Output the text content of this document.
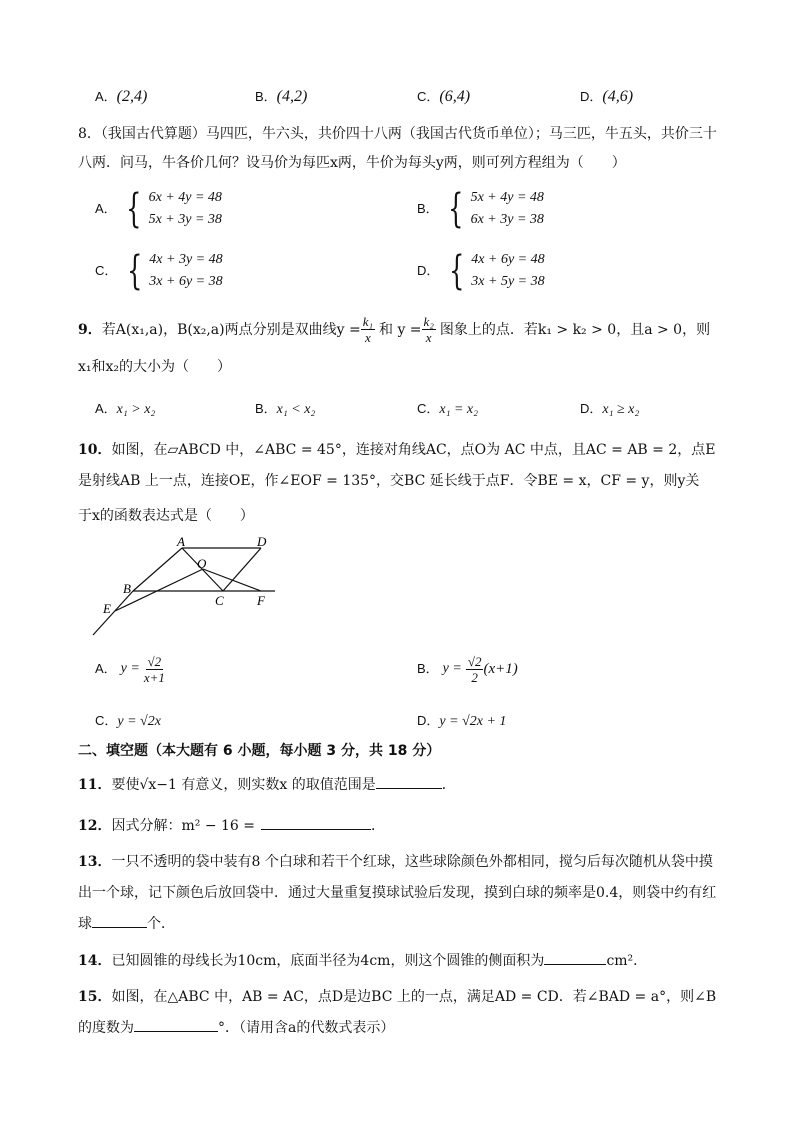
A．(2,4)	B．(4,2)	C．(6,4)	D．(4,6)
8．（我国古代算题）马四匹，牛六头，共价四十八两（我国古代货币单位）；马三匹，牛五头，共价三十
八两．问马，牛各价几何？设马价为每匹x两，牛价为每头y两，则可列方程组为（　　）
A． { 6x + 4y = 48
5x + 3y = 38
B． { 5x + 4y = 48
6x + 3y = 38
C． { 4x + 3y = 48
3x + 6y = 38
D． { 4x + 6y = 48
3x + 5y = 38
9． 若A(x₁,a)，B(x₂,a)两点分别是双曲线$y = \frac{\text{k₁}}{x}$ 和 $y = \frac{\text{k₂}}{x}$ 图象上的点．若k₁ > k₂ > 0，且a > 0，则
x₁和x₂的大小为（　　）
A．x₁ > x₂	B．x₁ < x₂	C．x₁ = x₂	D．x₁ ≥ x₂
10．如图，在▱ABCD 中，∠ABC = 45°，连接对角线AC，点O为 AC 中点，且AC = AB = 2，点E
是射线AB 上一点，连接OE，作∠EOF = 135°，交BC 延长线于点F．令BE = x，CF = y，则y关
于x的函数表达式是（　　）
A	D
O
B
C	F
E
A． $y = \frac{√2}{x+1}$	B． $y = \frac{√2}{2} (x+1)$
C．y = √2x	D．y = √2x + 1
二、填空题（本大题有 6 小题，每小题 3 分，共 18 分）
11．要使√x−1 有意义，则实数x 的取值范围是	．
12．因式分解：m² − 16 =	．
13．一只不透明的袋中装有8 个白球和若干个红球，这些球除颜色外都相同，搅匀后每次随机从袋中摸
出一个球，记下颜色后放回袋中．通过大量重复摸球试验后发现，摸到白球的频率是0.4，则袋中约有红
球	个．
14．已知圆锥的母线长为10cm，底面半径为4cm，则这个圆锥的侧面积为	cm²．
15．如图，在△ABC 中，AB = AC，点D是边BC 上的一点，满足AD = CD．若∠BAD = a°，则∠B
的度数为	°．（请用含a的代数式表示）
